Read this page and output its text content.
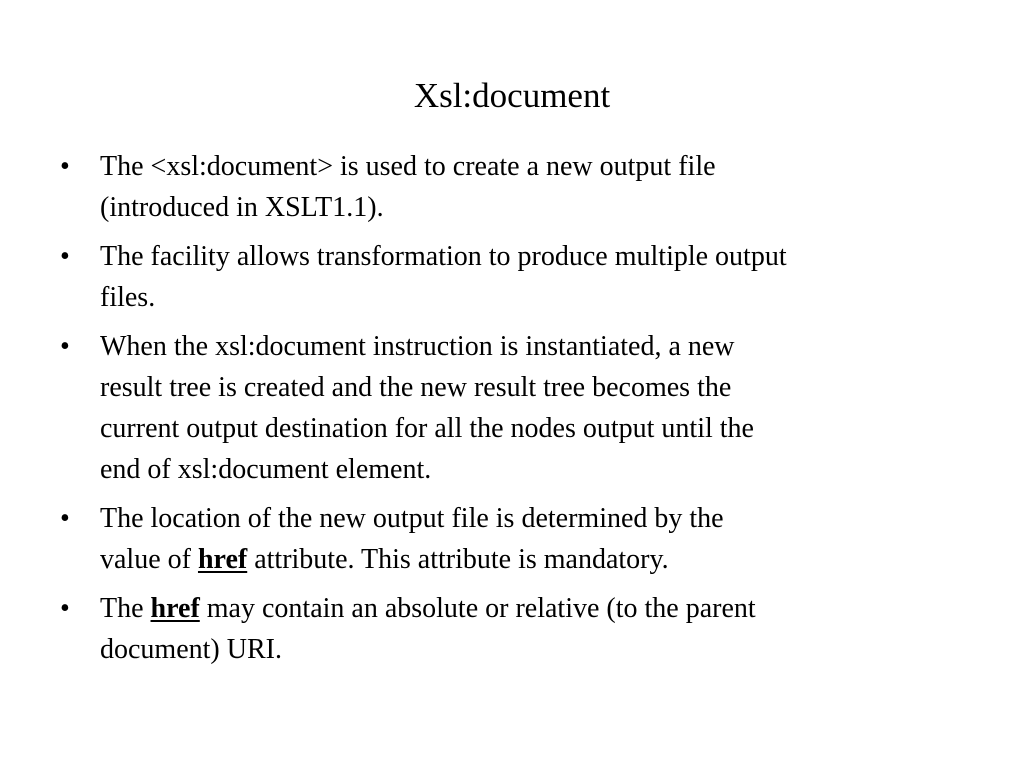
Xsl:document
•	The <xsl:document> is used to create a new output file
(introduced in XSLT1.1).
•	The facility allows transformation to produce multiple output
files.
•	When the xsl:document instruction is instantiated, a new
result tree is created and the new result tree becomes the
current output destination for all the nodes output until the
end of xsl:document element.
•	The location of the new output file is determined by the
value of href attribute. This attribute is mandatory.
•	The href may contain an absolute or relative (to the parent
document) URI.
